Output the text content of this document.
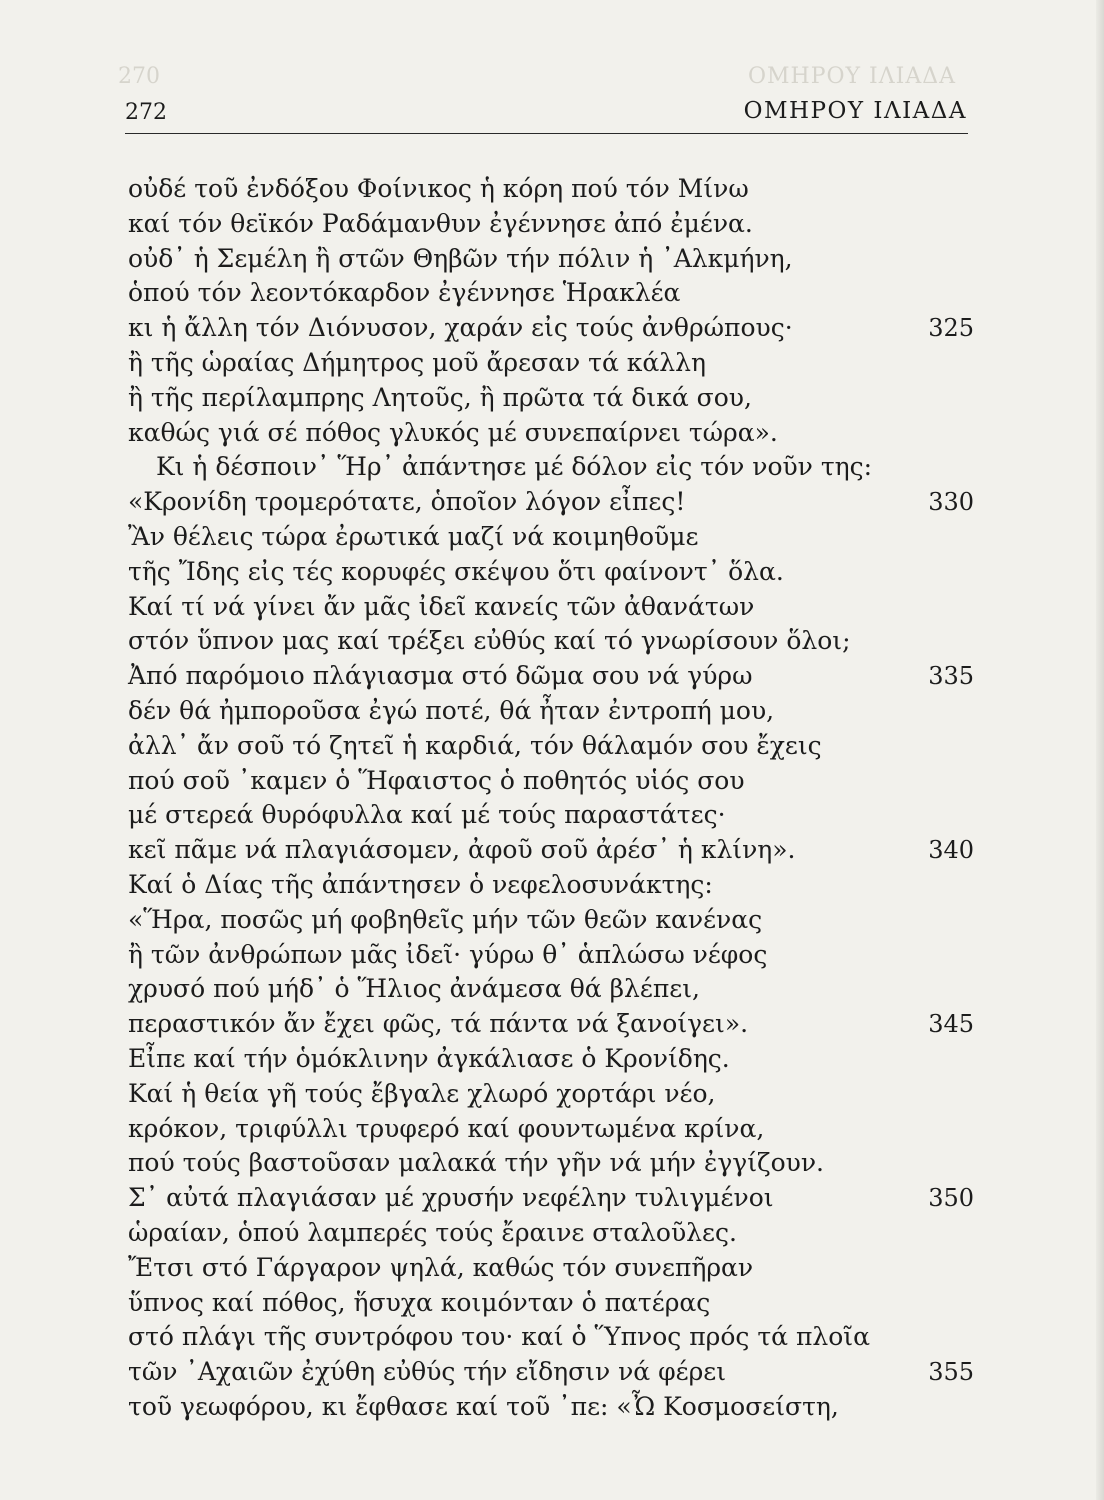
270	ΟΜΗΡΟΥ ΙΛΙΑΔΑ
272	ΟΜΗΡΟΥ ΙΛΙΑΔΑ
οὐδέ τοῦ ἐνδόξου Φοίνικος ἡ κόρη πού τόν Μίνω
καί τόν θεϊκόν Ραδάμανθυν ἐγέννησε ἀπό ἐμένα.
οὐδ᾽ ἡ Σεμέλη ἢ στῶν Θηβῶν τήν πόλιν ἡ ᾽Αλκμήνη,
ὁπού τόν λεοντόκαρδον ἐγέννησε Ἡρακλέα
κι ἡ ἄλλη τόν Διόνυσον, χαράν εἰς τούς ἀνθρώπους·	325
ἢ τῆς ὡραίας Δήμητρος μοῦ ἄρεσαν τά κάλλη
ἢ τῆς περίλαμπρης Λητοῦς, ἢ πρῶτα τά δικά σου,
καθώς γιά σέ πόθος γλυκός μέ συνεπαίρνει τώρα».
Κι ἡ δέσποιν᾽ Ἥρ᾽ ἀπάντησε μέ δόλον εἰς τόν νοῦν της:
«Κρονίδη τρομερότατε, ὁποῖον λόγον εἶπες!	330
Ἂν θέλεις τώρα ἐρωτικά μαζί νά κοιμηθοῦμε
τῆς Ἴδης εἰς τές κορυφές σκέψου ὅτι φαίνοντ᾽ ὅλα.
Καί τί νά γίνει ἄν μᾶς ἰδεῖ κανείς τῶν ἀθανάτων
στόν ὕπνον μας καί τρέξει εὐθύς καί τό γνωρίσουν ὅλοι;
Ἀπό παρόμοιο πλάγιασμα στό δῶμα σου νά γύρω	335
δέν θά ἠμποροῦσα ἐγώ ποτέ, θά ἦταν ἐντροπή μου,
ἀλλ᾽ ἄν σοῦ τό ζητεῖ ἡ καρδιά, τόν θάλαμόν σου ἔχεις
πού σοῦ ᾽καμεν ὁ Ἥφαιστος ὁ ποθητός υἱός σου
μέ στερεά θυρόφυλλα καί μέ τούς παραστάτες·
κεῖ πᾶμε νά πλαγιάσομεν, ἀφοῦ σοῦ ἀρέσ᾽ ἡ κλίνη».	340
Καί ὁ Δίας τῆς ἀπάντησεν ὁ νεφελοσυνάκτης:
«Ἥρα, ποσῶς μή φοβηθεῖς μήν τῶν θεῶν κανένας
ἢ τῶν ἀνθρώπων μᾶς ἰδεῖ· γύρω θ᾽ ἁπλώσω νέφος
χρυσό πού μήδ᾽ ὁ Ἥλιος ἀνάμεσα θά βλέπει,
περαστικόν ἄν ἔχει φῶς, τά πάντα νά ξανοίγει».	345
Εἶπε καί τήν ὁμόκλινην ἀγκάλιασε ὁ Κρονίδης.
Καί ἡ θεία γῆ τούς ἔβγαλε χλωρό χορτάρι νέο,
κρόκον, τριφύλλι τρυφερό καί φουντωμένα κρίνα,
πού τούς βαστοῦσαν μαλακά τήν γῆν νά μήν ἐγγίζουν.
Σ᾽ αὐτά πλαγιάσαν μέ χρυσήν νεφέλην τυλιγμένοι	350
ὡραίαν, ὁπού λαμπερές τούς ἔραινε σταλοῦλες.
Ἔτσι στό Γάργαρον ψηλά, καθώς τόν συνεπῆραν
ὕπνος καί πόθος, ἥσυχα κοιμόνταν ὁ πατέρας
στό πλάγι τῆς συντρόφου του· καί ὁ Ὕπνος πρός τά πλοῖα
τῶν ᾽Αχαιῶν ἐχύθη εὐθύς τήν εἴδησιν νά φέρει	355
τοῦ γεωφόρου, κι ἔφθασε καί τοῦ ᾽πε: «Ὦ Κοσμοσείστη,
